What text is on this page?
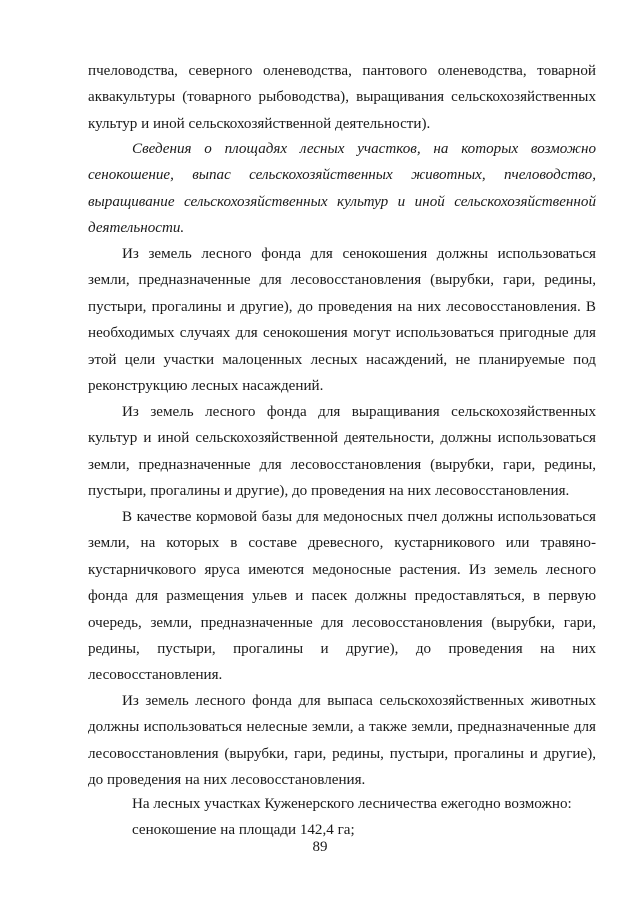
пчеловодства, северного оленеводства, пантового оленеводства, товарной аквакультуры (товарного рыбоводства), выращивания сельскохозяйственных культур и иной сельскохозяйственной деятельности).

Сведения о площадях лесных участков, на которых возможно сенокошение, выпас сельскохозяйственных животных, пчеловодство, выращивание сельскохозяйственных культур и иной сельскохозяйственной деятельности.

Из земель лесного фонда для сенокошения должны использоваться земли, предназначенные для лесовосстановления (вырубки, гари, редины, пустыри, прогалины и другие), до проведения на них лесовосстановления. В необходимых случаях для сенокошения могут использоваться пригодные для этой цели участки малоценных лесных насаждений, не планируемые под реконструкцию лесных насаждений.

Из земель лесного фонда для выращивания сельскохозяйственных культур и иной сельскохозяйственной деятельности, должны использоваться земли, предназначенные для лесовосстановления (вырубки, гари, редины, пустыри, прогалины и другие), до проведения на них лесовосстановления.

В качестве кормовой базы для медоносных пчел должны использоваться земли, на которых в составе древесного, кустарникового или травяно-кустарничкового яруса имеются медоносные растения. Из земель лесного фонда для размещения ульев и пасек должны предоставляться, в первую очередь, земли, предназначенные для лесовосстановления (вырубки, гари, редины, пустыри, прогалины и другие), до проведения на них лесовосстановления.

Из земель лесного фонда для выпаса сельскохозяйственных животных должны использоваться нелесные земли, а также земли, предназначенные для лесовосстановления (вырубки, гари, редины, пустыри, прогалины и другие), до проведения на них лесовосстановления.

На лесных участках Куженерского лесничества ежегодно возможно:

сенокошение на площади 142,4 га;

89
